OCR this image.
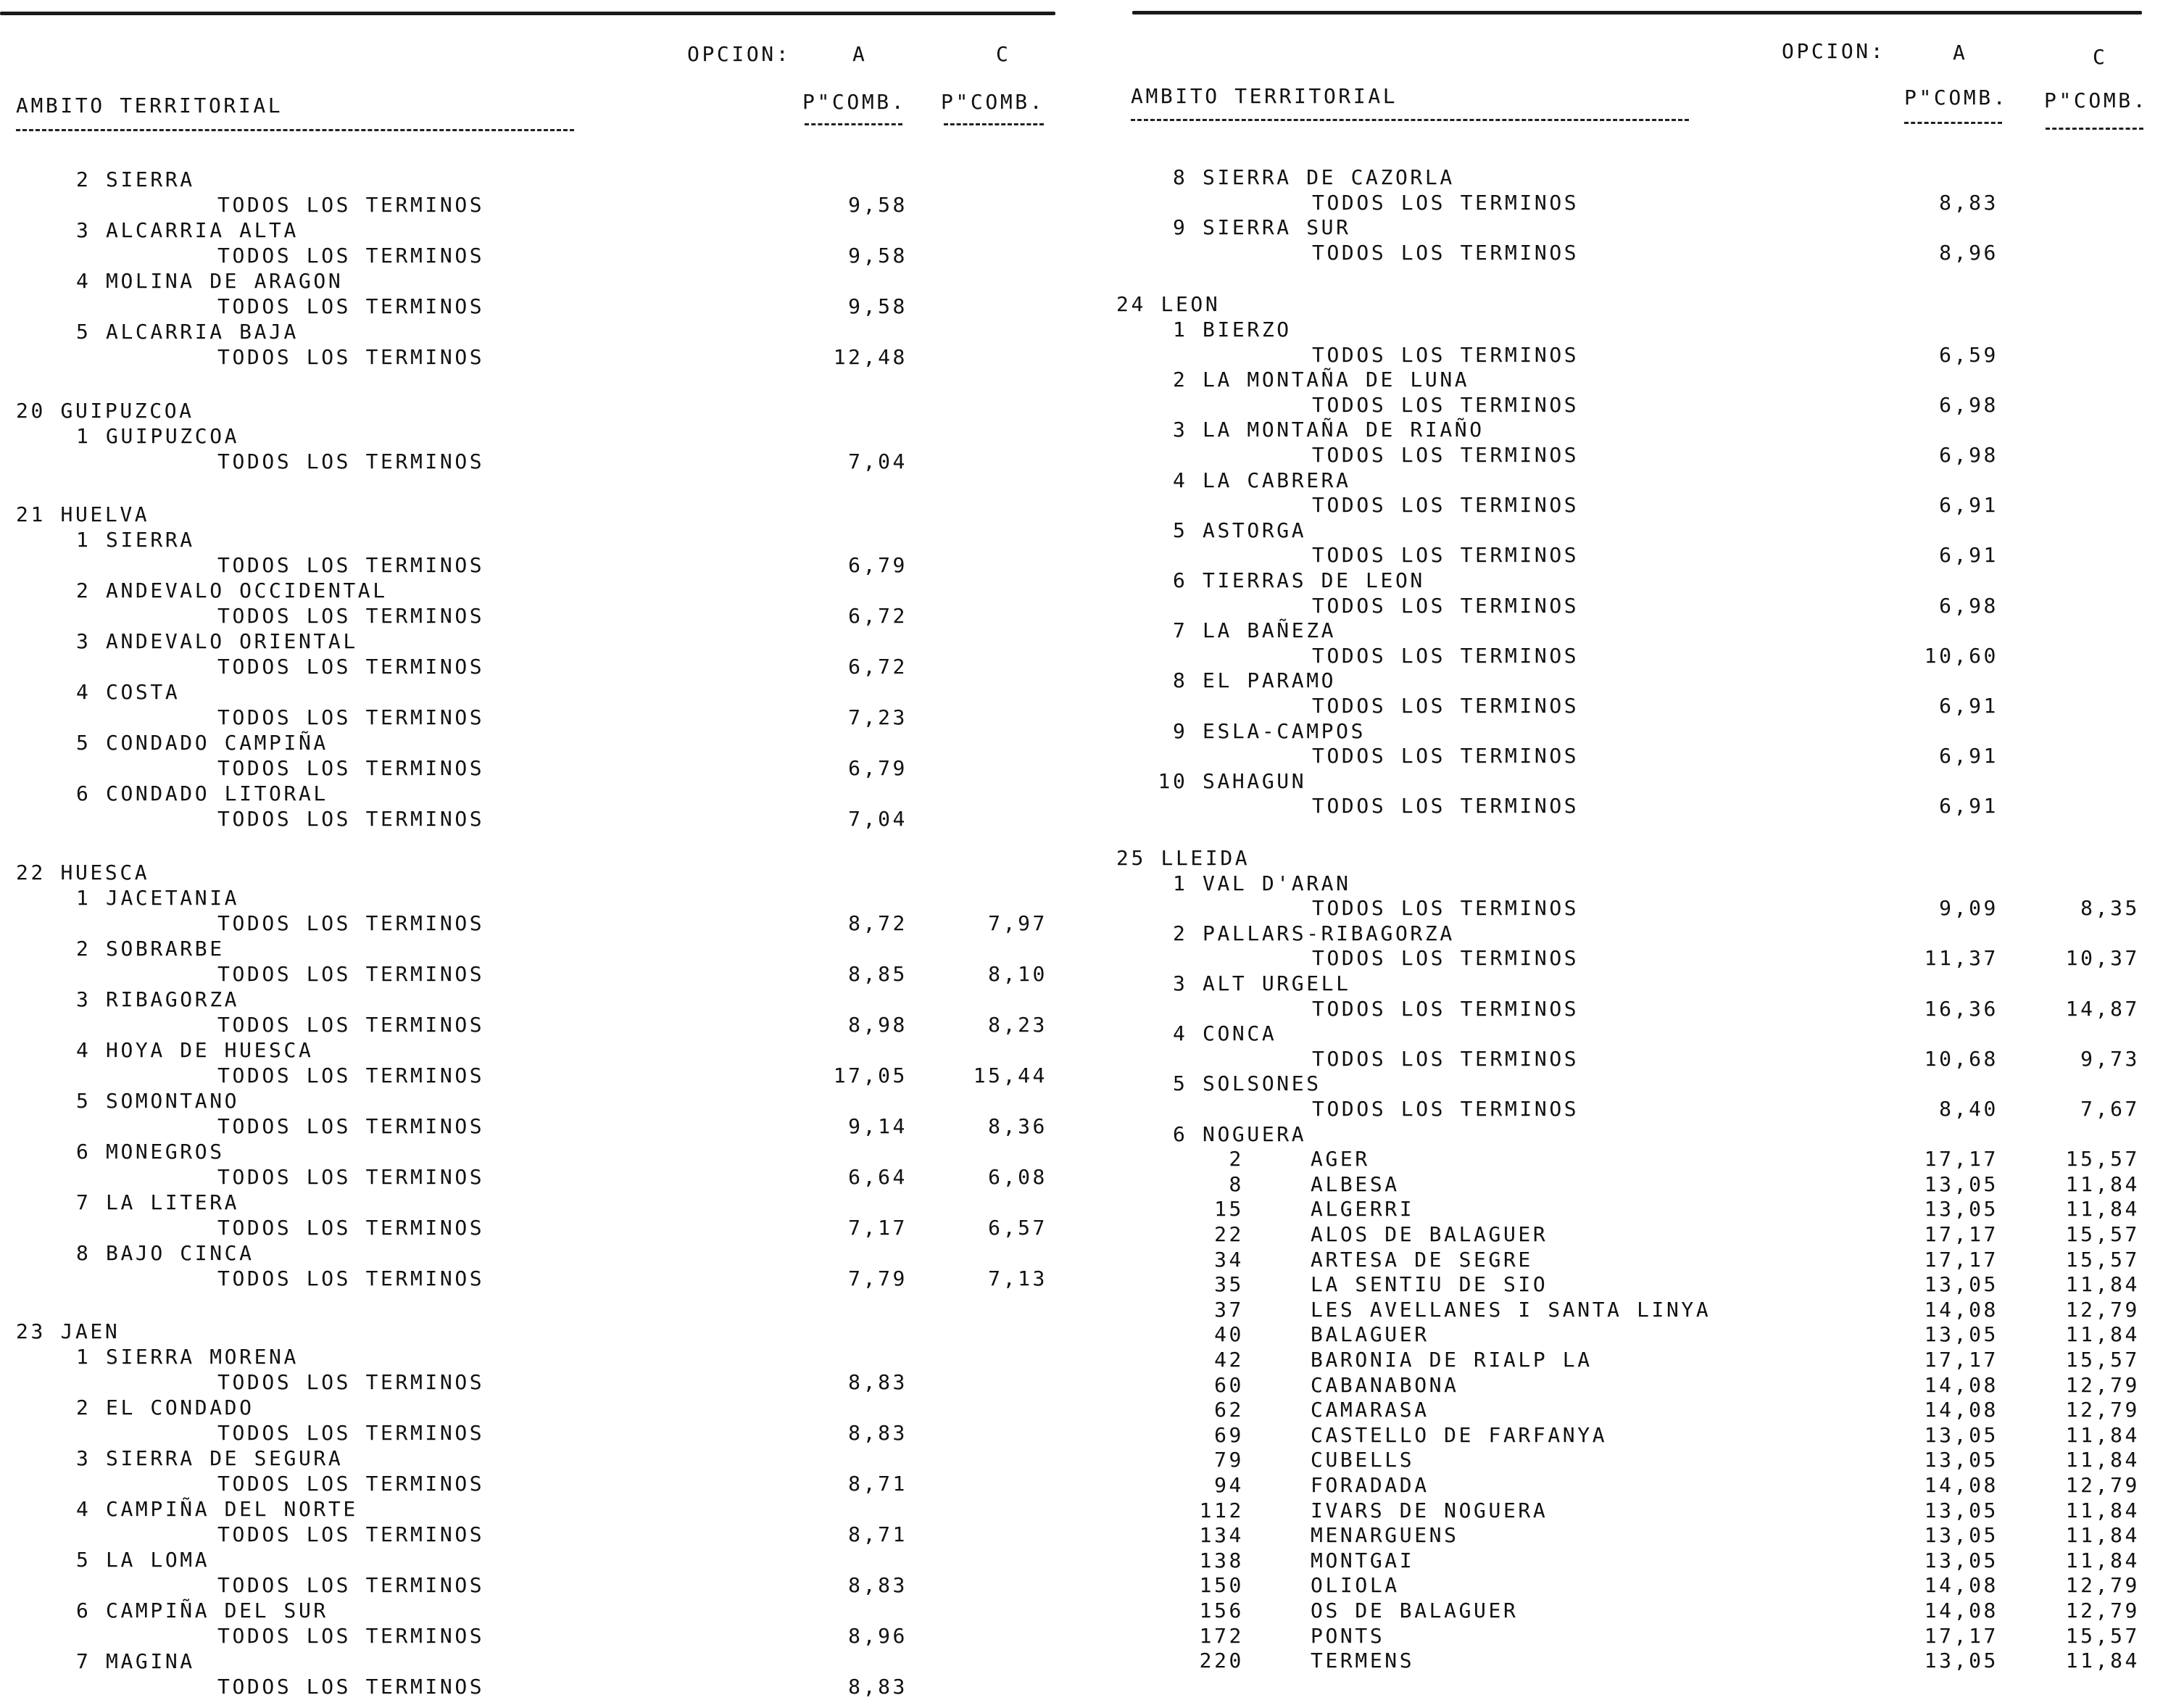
OPCION:	A	C
AMBITO TERRITORIAL	P"COMB. P"COMB.
2 SIERRA
TODOS LOS TERMINOS	9,58
3 ALCARRIA ALTA
TODOS LOS TERMINOS	9,58
4 MOLINA DE ARAGON
TODOS LOS TERMINOS	9,58
5 ALCARRIA BAJA
TODOS LOS TERMINOS	12,48
20 GUIPUZCOA
1 GUIPUZCOA
TODOS LOS TERMINOS	7,04
21 HUELVA
1 SIERRA
TODOS LOS TERMINOS	6,79
2 ANDEVALO OCCIDENTAL
TODOS LOS TERMINOS	6,72
3 ANDEVALO ORIENTAL
TODOS LOS TERMINOS	6,72
4 COSTA
TODOS LOS TERMINOS	7,23
5 CONDADO CAMPIÑA
TODOS LOS TERMINOS	6,79
6 CONDADO LITORAL
TODOS LOS TERMINOS	7,04
22 HUESCA
1 JACETANIA
TODOS LOS TERMINOS	8,72	7,97
2 SOBRARBE
TODOS LOS TERMINOS	8,85	8,10
3 RIBAGORZA
TODOS LOS TERMINOS	8,98	8,23
4 HOYA DE HUESCA
TODOS LOS TERMINOS	17,05	15,44
5 SOMONTANO
TODOS LOS TERMINOS	9,14	8,36
6 MONEGROS
TODOS LOS TERMINOS	6,64	6,08
7 LA LITERA
TODOS LOS TERMINOS	7,17	6,57
8 BAJO CINCA
TODOS LOS TERMINOS	7,79	7,13
23 JAEN
1 SIERRA MORENA
TODOS LOS TERMINOS	8,83
2 EL CONDADO
TODOS LOS TERMINOS	8,83
3 SIERRA DE SEGURA
TODOS LOS TERMINOS	8,71
4 CAMPIÑA DEL NORTE
TODOS LOS TERMINOS	8,71
5 LA LOMA
TODOS LOS TERMINOS	8,83
6 CAMPIÑA DEL SUR
TODOS LOS TERMINOS	8,96
7 MAGINA
TODOS LOS TERMINOS	8,83
OPCION:	A	C
AMBITO TERRITORIAL	P"COMB. P"COMB.
8 SIERRA DE CAZORLA
TODOS LOS TERMINOS	8,83
9 SIERRA SUR
TODOS LOS TERMINOS	8,96
24 LEON
1 BIERZO
TODOS LOS TERMINOS	6,59
2 LA MONTAÑA DE LUNA
TODOS LOS TERMINOS	6,98
3 LA MONTAÑA DE RIAÑO
TODOS LOS TERMINOS	6,98
4 LA CABRERA
TODOS LOS TERMINOS	6,91
5 ASTORGA
TODOS LOS TERMINOS	6,91
6 TIERRAS DE LEON
TODOS LOS TERMINOS	6,98
7 LA BAÑEZA
TODOS LOS TERMINOS	10,60
8 EL PARAMO
TODOS LOS TERMINOS	6,91
9 ESLA-CAMPOS
TODOS LOS TERMINOS	6,91
10 SAHAGUN
TODOS LOS TERMINOS	6,91
25 LLEIDA
1 VAL D'ARAN
TODOS LOS TERMINOS	9,09	8,35
2 PALLARS-RIBAGORZA
TODOS LOS TERMINOS	11,37	10,37
3 ALT URGELL
TODOS LOS TERMINOS	16,36	14,87
4 CONCA
TODOS LOS TERMINOS	10,68	9,73
5 SOLSONES
TODOS LOS TERMINOS	8,40	7,67
6 NOGUERA
2	AGER	17,17	15,57
8	ALBESA	13,05	11,84
15	ALGERRI	13,05	11,84
22	ALOS DE BALAGUER	17,17	15,57
34	ARTESA DE SEGRE	17,17	15,57
35	LA SENTIU DE SIO	13,05	11,84
37	LES AVELLANES I SANTA LINYA	14,08	12,79
40	BALAGUER	13,05	11,84
42	BARONIA DE RIALP LA	17,17	15,57
60	CABANABONA	14,08	12,79
62	CAMARASA	14,08	12,79
69	CASTELLO DE FARFANYA	13,05	11,84
79	CUBELLS	13,05	11,84
94	FORADADA	14,08	12,79
112	IVARS DE NOGUERA	13,05	11,84
134	MENARGUENS	13,05	11,84
138	MONTGAI	13,05	11,84
150	OLIOLA	14,08	12,79
156	OS DE BALAGUER	14,08	12,79
172	PONTS	17,17	15,57
220	TERMENS	13,05	11,84
